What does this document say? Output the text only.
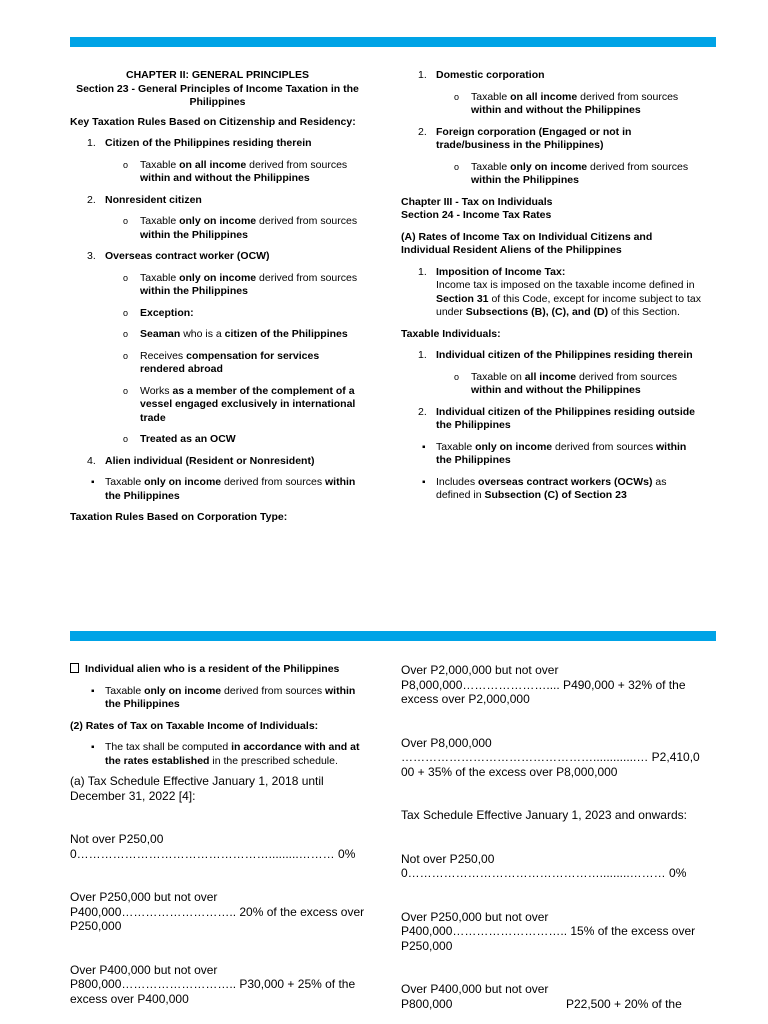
CHAPTER II: GENERAL PRINCIPLES

Section 23 - General Principles of Income Taxation in the Philippines

Key Taxation Rules Based on Citizenship and Residency:

1. Citizen of the Philippines residing therein
o Taxable on all income derived from sources within and without the Philippines
2. Nonresident citizen
o Taxable only on income derived from sources within the Philippines
3. Overseas contract worker (OCW)
o Taxable only on income derived from sources within the Philippines
o Exception:
o Seaman who is a citizen of the Philippines
o Receives compensation for services rendered abroad
o Works as a member of the complement of a vessel engaged exclusively in international trade
o Treated as an OCW
4. Alien individual (Resident or Nonresident)
▪ Taxable only on income derived from sources within the Philippines

Taxation Rules Based on Corporation Type:

1. Domestic corporation
o Taxable on all income derived from sources within and without the Philippines
2. Foreign corporation (Engaged or not in trade/business in the Philippines)
o Taxable only on income derived from sources within the Philippines

Chapter III - Tax on Individuals

Section 24 - Income Tax Rates

(A) Rates of Income Tax on Individual Citizens and Individual Resident Aliens of the Philippines

1. Imposition of Income Tax:
Income tax is imposed on the taxable income defined in Section 31 of this Code, except for income subject to tax under Subsections (B), (C), and (D) of this Section.

Taxable Individuals:

1. Individual citizen of the Philippines residing therein
o Taxable on all income derived from sources within and without the Philippines
2. Individual citizen of the Philippines residing outside the Philippines
▪ Taxable only on income derived from sources within the Philippines
▪ Includes overseas contract workers (OCWs) as defined in Subsection (C) of Section 23

Individual alien who is a resident of the Philippines

▪ Taxable only on income derived from sources within the Philippines

(2) Rates of Tax on Taxable Income of Individuals:

▪ The tax shall be computed in accordance with and at the rates established in the prescribed schedule.

(a) Tax Schedule Effective January 1, 2018 until December 31, 2022 [4]:

Not over P250,000………………………………………….........……… 0%

Over P250,000 but not over P400,000……………………….. 20% of the excess over P250,000

Over P400,000 but not over P800,000……………………….. P30,000 + 25% of the excess over P400,000

Over P2,000,000 but not over P8,000,000………………….... P490,000 + 32% of the excess over P2,000,000

Over P8,000,000 ………………………………………….............… P2,410,000 + 35% of the excess over P8,000,000

Tax Schedule Effective January 1, 2023 and onwards:

Not over P250,000………………………………………….........……… 0%

Over P250,000 but not over P400,000……………………….. 15% of the excess over P250,000

Over P400,000 but not over

P800,000	P22,500 + 20% of the
